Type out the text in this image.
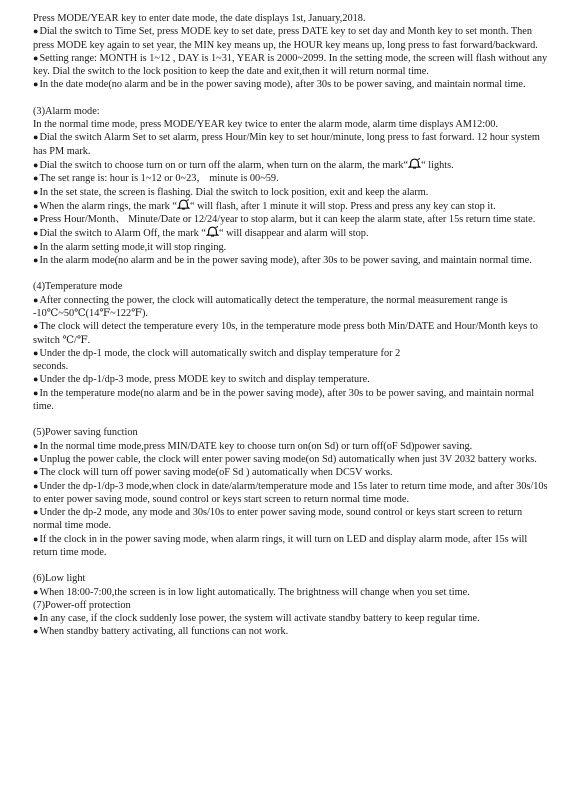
Press MODE/YEAR key to enter date mode, the date displays 1st, January,2018.

● Dial the switch to Time Set, press MODE key to set date, press DATE key to set day and Month key to set month. Then press MODE key again to set year, the MIN key means up, the HOUR key means up, long press to fast forward/backward.

● Setting range: MONTH is 1~12 , DAY is 1~31, YEAR is 2000~2099. In the setting mode, the screen will flash without any key. Dial the switch to the lock position to keep the date and exit,then it will return normal time.

● In the date mode(no alarm and be in the power saving mode), after 30s to be power saving, and maintain normal time.

(3)Alarm mode:

In the normal time mode, press MODE/YEAR key twice to enter the alarm mode, alarm time displays AM12:00.

● Dial the switch Alarm Set to set alarm, press Hour/Min key to set hour/minute, long press to fast forward. 12 hour system has PM mark.

● Dial the switch to choose turn on or turn off the alarm, when turn on the alarm, the mark“ “ lights.

● The set range is: hour is 1~12 or 0~23， minute is 00~59.

● In the set state, the screen is flashing. Dial the switch to lock position, exit and keep the alarm.

● When the alarm rings, the mark “ “ will flash, after 1 minute it will stop. Press and press any key can stop it.

● Press Hour/Month、 Minute/Date or 12/24/year to stop alarm, but it can keep the alarm state, after 15s return time state.

● Dial the switch to Alarm Off, the mark “ “ will disappear and alarm will stop.

● In the alarm setting mode,it will stop ringing.

● In the alarm mode(no alarm and be in the power saving mode), after 30s to be power saving, and maintain normal time.

(4)Temperature mode

● After connecting the power, the clock will automatically detect the temperature, the normal measurement range is -10℃~50℃(14℉~122℉).

● The clock will detect the temperature every 10s, in the temperature mode press both Min/DATE and Hour/Month keys to switch ℃/℉.

● Under the dp-1 mode, the clock will automatically switch and display temperature for 2

seconds.

● Under the dp-1/dp-3 mode, press MODE key to switch and display temperature.

● In the temperature mode(no alarm and be in the power saving mode), after 30s to be power saving, and maintain normal time.

(5)Power saving function

● In the normal time mode,press MIN/DATE key to choose turn on(on Sd) or turn off(oF Sd)power saving.

● Unplug the power cable, the clock will enter power saving mode(on Sd) automatically when just 3V 2032 battery works.

● The clock will turn off power saving mode(oF Sd ) automatically when DC5V works.

● Under the dp-1/dp-3 mode,when clock in date/alarm/temperature mode and 15s later to return time mode, and after 30s/10s to enter power saving mode, sound control or keys start screen to return normal time mode.

● Under the dp-2 mode, any mode and 30s/10s to enter power saving mode, sound control or keys start screen to return normal time mode.

● If the clock in in the power saving mode, when alarm rings, it will turn on LED and display alarm mode, after 15s will return time mode.

(6)Low light

● When 18:00-7:00,the screen is in low light automatically. The brightness will change when you set time.

(7)Power-off protection

● In any case, if the clock suddenly lose power, the system will activate standby battery to keep regular time.

● When standby battery activating, all functions can not work.
